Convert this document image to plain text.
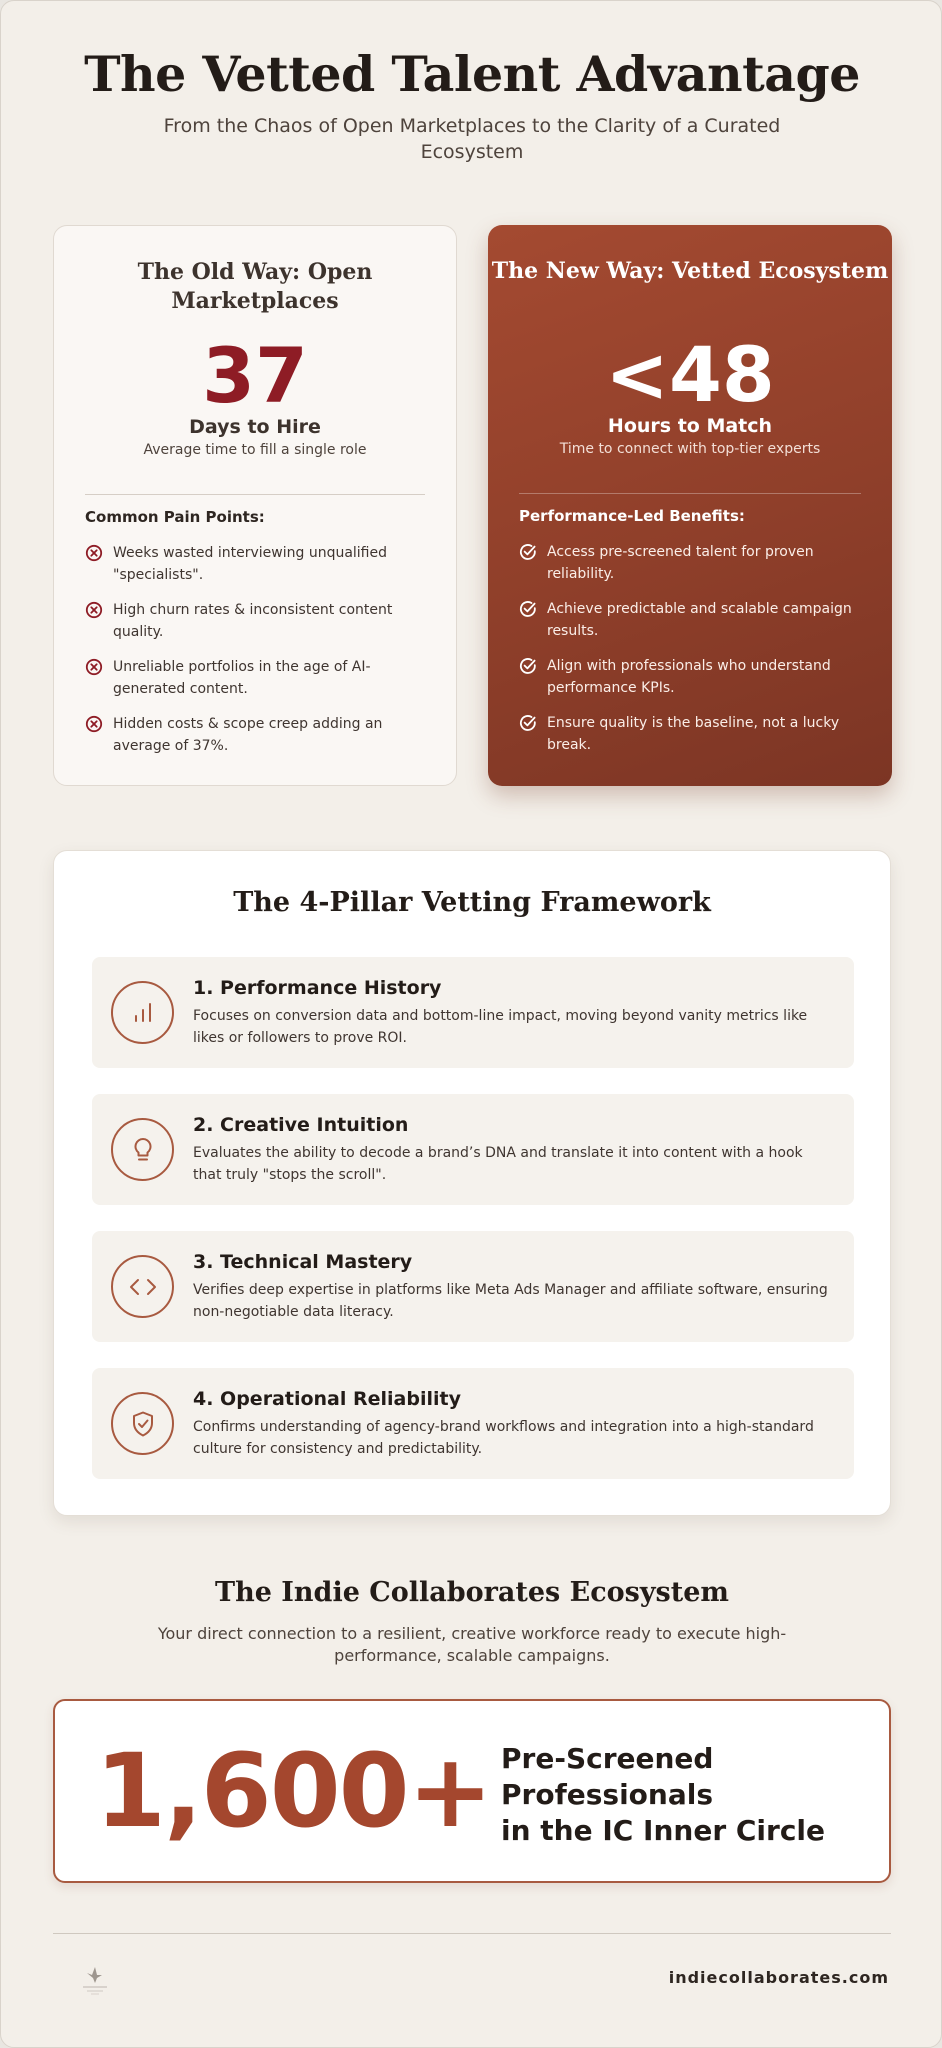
The Vetted Talent Advantage

From the Chaos of Open Marketplaces to the Clarity of a Curated Ecosystem

The Old Way: Open Marketplaces
37
Days to Hire
Average time to fill a single role
Common Pain Points:
Weeks wasted interviewing unqualified "specialists".
High churn rates & inconsistent content quality.
Unreliable portfolios in the age of AI-generated content.
Hidden costs & scope creep adding an average of 37%.
The New Way: Vetted Ecosystem
<48
Hours to Match
Time to connect with top-tier experts
Performance-Led Benefits:
Access pre-screened talent for proven reliability.
Achieve predictable and scalable campaign results.
Align with professionals who understand performance KPIs.
Ensure quality is the baseline, not a lucky break.
The 4-Pillar Vetting Framework
1. Performance History
Focuses on conversion data and bottom-line impact, moving beyond vanity metrics like likes or followers to prove ROI.
2. Creative Intuition
Evaluates the ability to decode a brand’s DNA and translate it into content with a hook that truly "stops the scroll".
3. Technical Mastery
Verifies deep expertise in platforms like Meta Ads Manager and affiliate software, ensuring non-negotiable data literacy.
4. Operational Reliability
Confirms understanding of agency-brand workflows and integration into a high-standard culture for consistency and predictability.
The Indie Collaborates Ecosystem

Your direct connection to a resilient, creative workforce ready to execute high-performance, scalable campaigns.

1,600+ Pre-Screened
Professionals
in the IC Inner Circle
indiecollaborates.com
